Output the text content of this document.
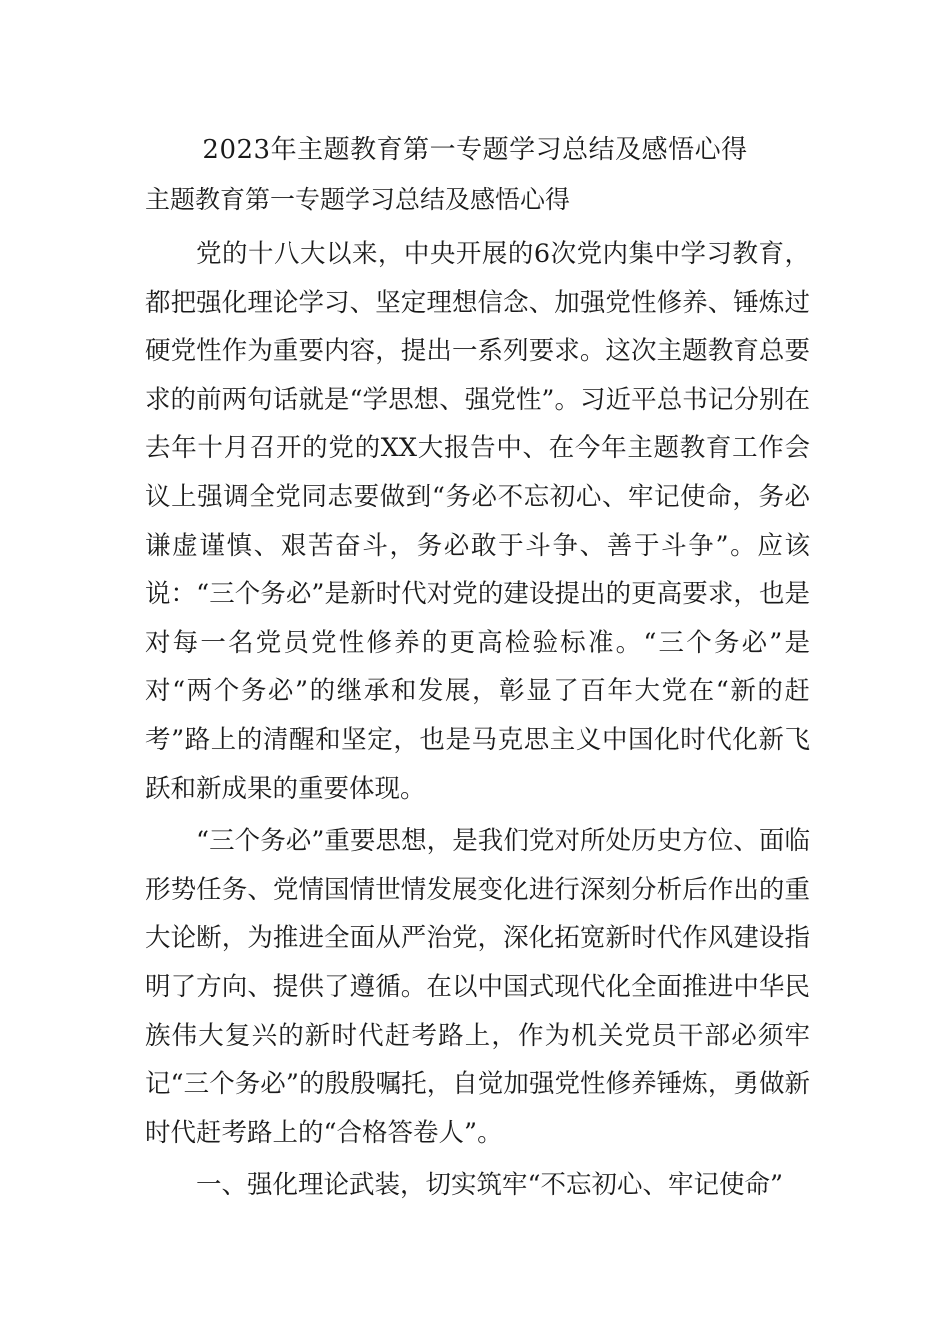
2023年主题教育第一专题学习总结及感悟心得
主题教育第一专题学习总结及感悟心得

党的十八大以来，中央开展的6次党内集中学习教育，都把强化理论学习、坚定理想信念、加强党性修养、锤炼过硬党性作为重要内容，提出一系列要求。这次主题教育总要求的前两句话就是“学思想、强党性”。习近平总书记分别在去年十月召开的党的XX大报告中、在今年主题教育工作会议上强调全党同志要做到“务必不忘初心、牢记使命，务必谦虚谨慎、艰苦奋斗，务必敢于斗争、善于斗争”。应该说：“三个务必”是新时代对党的建设提出的更高要求，也是对每一名党员党性修养的更高检验标准。“三个务必”是对“两个务必”的继承和发展，彰显了百年大党在“新的赶考”路上的清醒和坚定，也是马克思主义中国化时代化新飞跃和新成果的重要体现。

“三个务必”重要思想，是我们党对所处历史方位、面临形势任务、党情国情世情发展变化进行深刻分析后作出的重大论断，为推进全面从严治党，深化拓宽新时代作风建设指明了方向、提供了遵循。在以中国式现代化全面推进中华民族伟大复兴的新时代赶考路上，作为机关党员干部必须牢记“三个务必”的殷殷嘱托，自觉加强党性修养锤炼，勇做新时代赶考路上的“合格答卷人”。

一、强化理论武装，切实筑牢“不忘初心、牢记使命”
